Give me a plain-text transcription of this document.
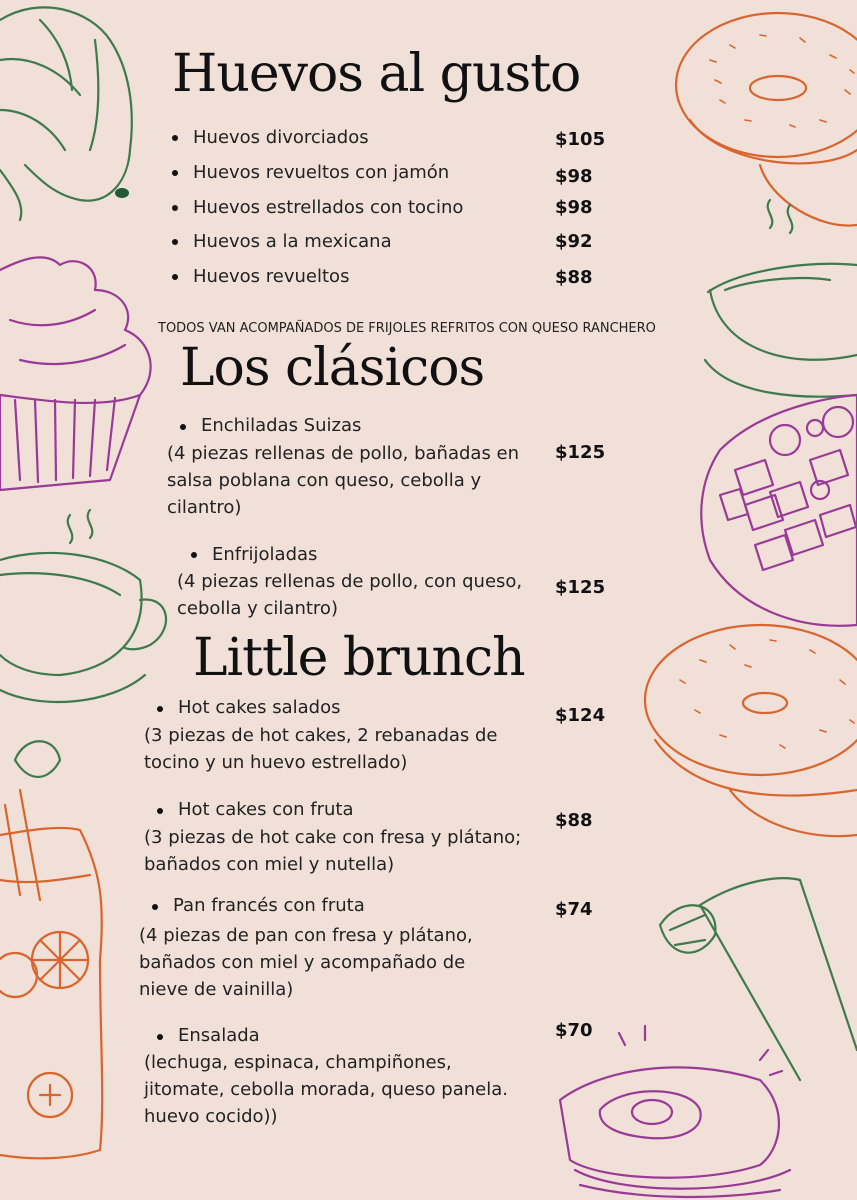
Huevos al gusto
Huevos divorciados	$105
Huevos revueltos con jamón	$98
Huevos estrellados con tocino	$98
Huevos a la mexicana	$92
Huevos revueltos	$88
TODOS VAN ACOMPAÑADOS DE FRIJOLES REFRITOS CON QUESO RANCHERO
Los clásicos
Enchiladas Suizas
(4 piezas rellenas de pollo, bañadas en
salsa poblana con queso, cebolla y
cilantro)
$125
Enfrijoladas
(4 piezas rellenas de pollo, con queso,
cebolla y cilantro)
$125
Little brunch
Hot cakes salados
(3 piezas de hot cakes, 2 rebanadas de
tocino y un huevo estrellado)
$124
Hot cakes con fruta
(3 piezas de hot cake con fresa y plátano;
bañados con miel y nutella)
$88
Pan francés con fruta
(4 piezas de pan con fresa y plátano,
bañados con miel y acompañado de
nieve de vainilla)
$74
Ensalada
(lechuga, espinaca, champiñones,
jitomate, cebolla morada, queso panela.
huevo cocido))
$70
